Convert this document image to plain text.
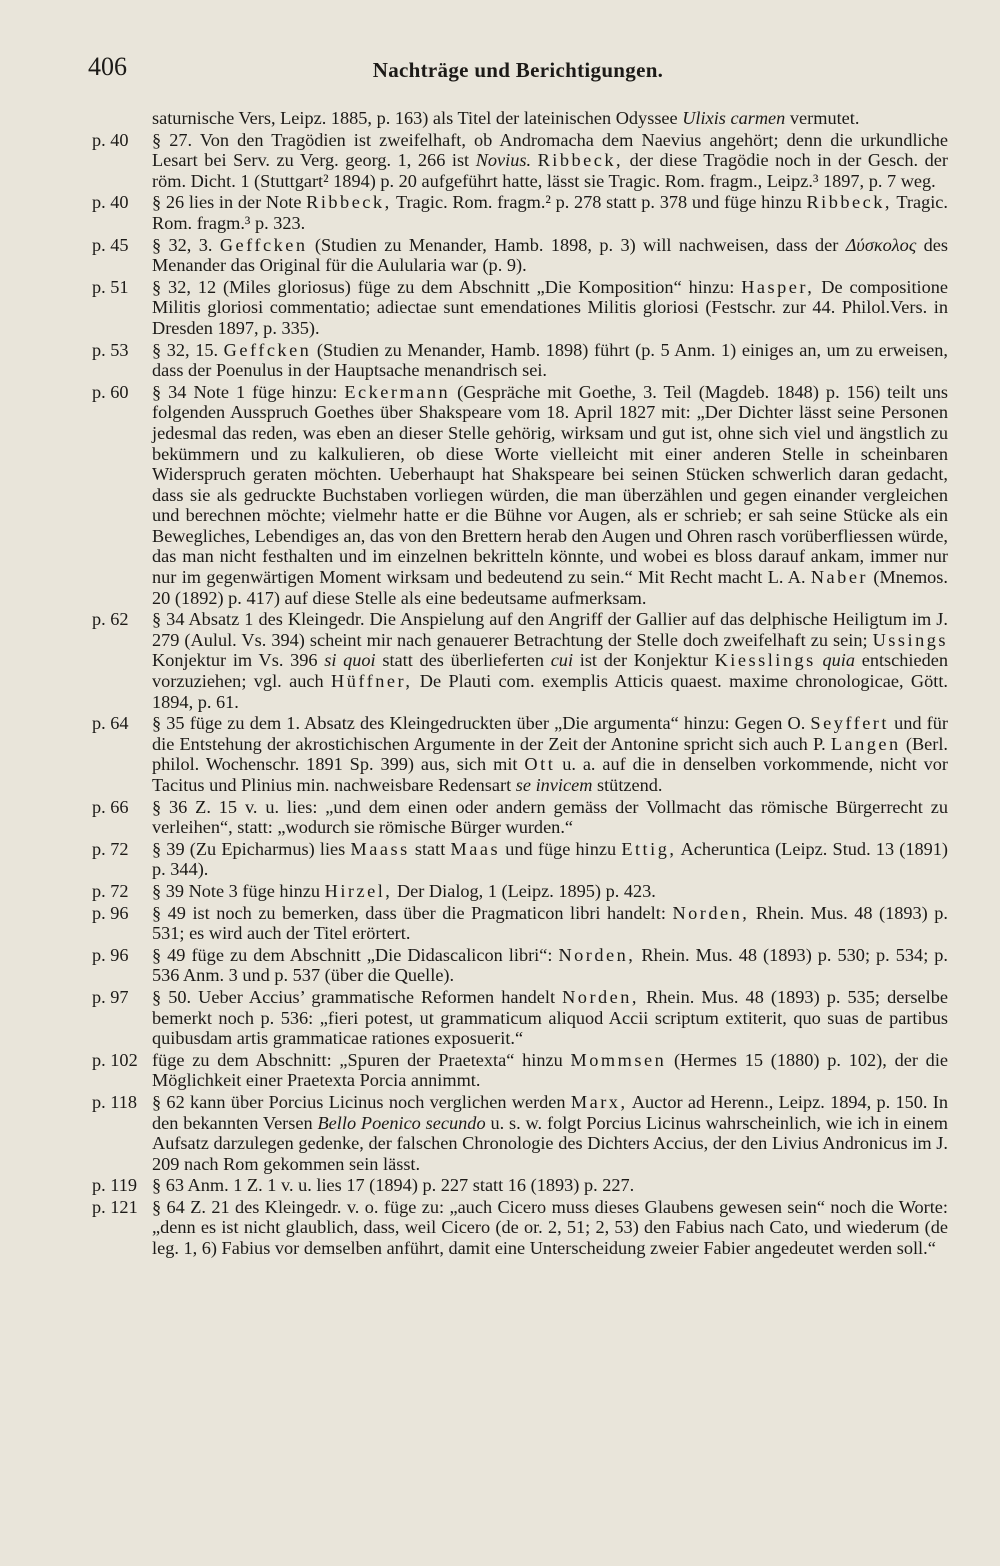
406	Nachträge und Berichtigungen.
saturnische Vers, Leipz. 1885, p. 163) als Titel der lateinischen Odyssee Ulixis carmen vermutet.
p. 40	§ 27. Von den Tragödien ist zweifelhaft, ob Andromacha dem Naevius angehört; denn die urkundliche Lesart bei Serv. zu Verg. georg. 1, 266 ist Novius. Ribbeck, der diese Tragödie noch in der Gesch. der röm. Dicht. 1 (Stuttgart² 1894) p. 20 aufgeführt hatte, lässt sie Tragic. Rom. fragm., Leipz.³ 1897, p. 7 weg.
p. 40	§ 26 lies in der Note Ribbeck, Tragic. Rom. fragm.² p. 278 statt p. 378 und füge hinzu Ribbeck, Tragic. Rom. fragm.³ p. 323.
p. 45	§ 32, 3. Geffcken (Studien zu Menander, Hamb. 1898, p. 3) will nachweisen, dass der Δύσκολος des Menander das Original für die Aulularia war (p. 9).
p. 51	§ 32, 12 (Miles gloriosus) füge zu dem Abschnitt „Die Komposition“ hinzu: Hasper, De compositione Militis gloriosi commentatio; adiectae sunt emendationes Militis gloriosi (Festschr. zur 44. Philol.Vers. in Dresden 1897, p. 335).
p. 53	§ 32, 15. Geffcken (Studien zu Menander, Hamb. 1898) führt (p. 5 Anm. 1) einiges an, um zu erweisen, dass der Poenulus in der Hauptsache menandrisch sei.
p. 60	§ 34 Note 1 füge hinzu: Eckermann (Gespräche mit Goethe, 3. Teil (Magdeb. 1848) p. 156) teilt uns folgenden Ausspruch Goethes über Shakspeare vom 18. April 1827 mit: „Der Dichter lässt seine Personen jedesmal das reden, was eben an dieser Stelle gehörig, wirksam und gut ist, ohne sich viel und ängstlich zu bekümmern und zu kalkulieren, ob diese Worte vielleicht mit einer anderen Stelle in scheinbaren Widerspruch geraten möchten. Ueberhaupt hat Shakspeare bei seinen Stücken schwerlich daran gedacht, dass sie als gedruckte Buchstaben vorliegen würden, die man überzählen und gegen einander vergleichen und berechnen möchte; vielmehr hatte er die Bühne vor Augen, als er schrieb; er sah seine Stücke als ein Bewegliches, Lebendiges an, das von den Brettern herab den Augen und Ohren rasch vorüberfliessen würde, das man nicht festhalten und im einzelnen bekritteln könnte, und wobei es bloss darauf ankam, immer nur nur im gegenwärtigen Moment wirksam und bedeutend zu sein.“ Mit Recht macht L. A. Naber (Mnemos. 20 (1892) p. 417) auf diese Stelle als eine bedeutsame aufmerksam.
p. 62	§ 34 Absatz 1 des Kleingedr. Die Anspielung auf den Angriff der Gallier auf das delphische Heiligtum im J. 279 (Aulul. Vs. 394) scheint mir nach genauerer Betrachtung der Stelle doch zweifelhaft zu sein; Ussings Konjektur im Vs. 396 si quoi statt des überlieferten cui ist der Konjektur Kiesslings quia entschieden vorzuziehen; vgl. auch Hüffner, De Plauti com. exemplis Atticis quaest. maxime chronologicae, Gött. 1894, p. 61.
p. 64	§ 35 füge zu dem 1. Absatz des Kleingedruckten über „Die argumenta“ hinzu: Gegen O. Seyffert und für die Entstehung der akrostichischen Argumente in der Zeit der Antonine spricht sich auch P. Langen (Berl. philol. Wochenschr. 1891 Sp. 399) aus, sich mit Ott u. a. auf die in denselben vorkommende, nicht vor Tacitus und Plinius min. nachweisbare Redensart se invicem stützend.
p. 66	§ 36 Z. 15 v. u. lies: „und dem einen oder andern gemäss der Vollmacht das römische Bürgerrecht zu verleihen“, statt: „wodurch sie römische Bürger wurden.“
p. 72	§ 39 (Zu Epicharmus) lies Maass statt Maas und füge hinzu Ettig, Acheruntica (Leipz. Stud. 13 (1891) p. 344).
p. 72	§ 39 Note 3 füge hinzu Hirzel, Der Dialog, 1 (Leipz. 1895) p. 423.
p. 96	§ 49 ist noch zu bemerken, dass über die Pragmaticon libri handelt: Norden, Rhein. Mus. 48 (1893) p. 531; es wird auch der Titel erörtert.
p. 96	§ 49 füge zu dem Abschnitt „Die Didascalicon libri“: Norden, Rhein. Mus. 48 (1893) p. 530; p. 534; p. 536 Anm. 3 und p. 537 (über die Quelle).
p. 97	§ 50. Ueber Accius’ grammatische Reformen handelt Norden, Rhein. Mus. 48 (1893) p. 535; derselbe bemerkt noch p. 536: „fieri potest, ut grammaticum aliquod Accii scriptum extiterit, quo suas de partibus quibusdam artis grammaticae rationes exposuerit.“
p. 102 füge zu dem Abschnitt: „Spuren der Praetexta“ hinzu Mommsen (Hermes 15 (1880) p. 102), der die Möglichkeit einer Praetexta Porcia annimmt.
p. 118 § 62 kann über Porcius Licinus noch verglichen werden Marx, Auctor ad Herenn., Leipz. 1894, p. 150. In den bekannten Versen Bello Poenico secundo u. s. w. folgt Porcius Licinus wahrscheinlich, wie ich in einem Aufsatz darzulegen gedenke, der falschen Chronologie des Dichters Accius, der den Livius Andronicus im J. 209 nach Rom gekommen sein lässt.
p. 119 § 63 Anm. 1 Z. 1 v. u. lies 17 (1894) p. 227 statt 16 (1893) p. 227.
p. 121 § 64 Z. 21 des Kleingedr. v. o. füge zu: „auch Cicero muss dieses Glaubens gewesen sein“ noch die Worte: „denn es ist nicht glaublich, dass, weil Cicero (de or. 2, 51; 2, 53) den Fabius nach Cato, und wiederum (de leg. 1, 6) Fabius vor demselben anführt, damit eine Unterscheidung zweier Fabier angedeutet werden soll.“
